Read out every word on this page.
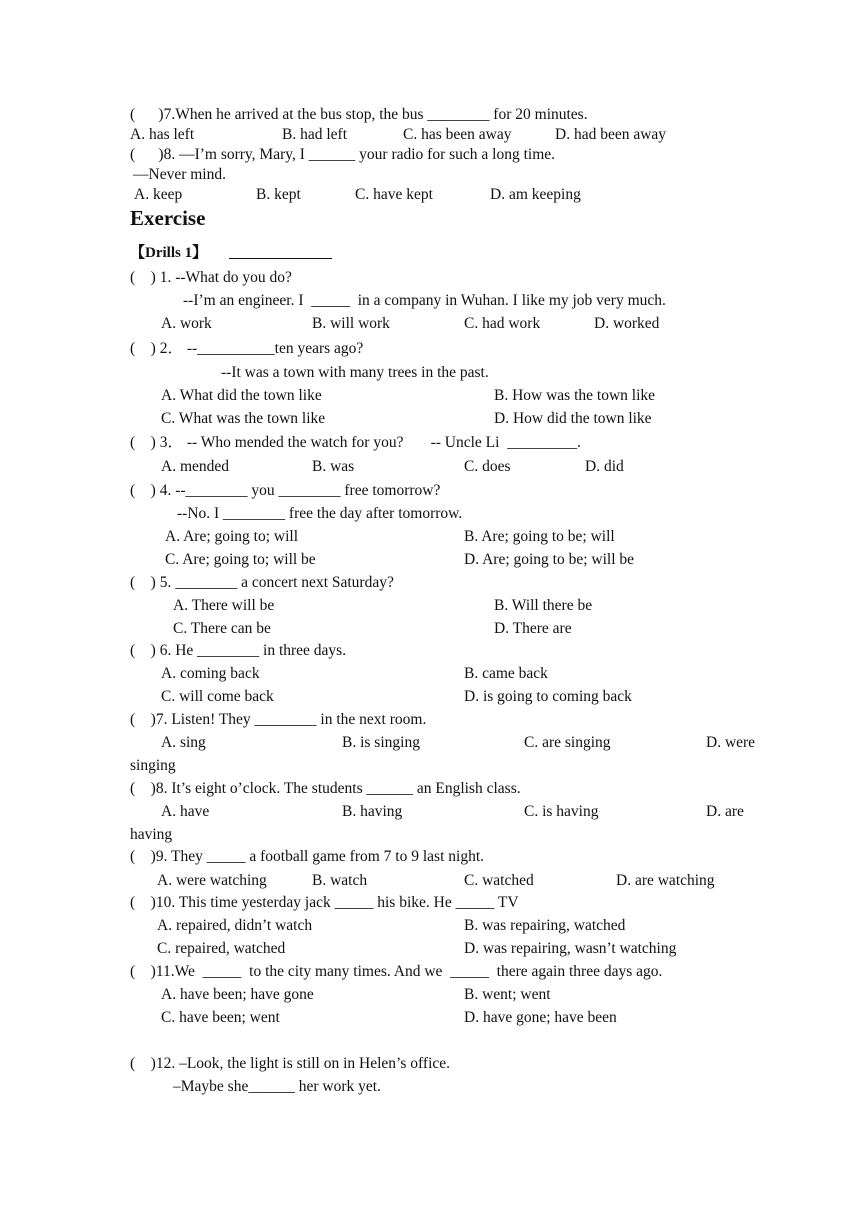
(      )7.When he arrived at the bus stop, the bus ________ for 20 minutes.
A. has left	B. had left	C. has been away	D. had been away
(      )8. —I’m sorry, Mary, I ______ your radio for such a long time.
—Never mind.
A. keep	B. kept	C. have kept	D. am keeping
Exercise
【Drills 1】
(    ) 1. --What do you do?
--I’m an engineer. I  _____  in a company in Wuhan. I like my job very much.
A. work	B. will work	C. had work	D. worked
(    ) 2． --__________ten years ago?
--It was a town with many trees in the past.
A. What did the town like	B. How was the town like
C. What was the town like	D. How did the town like
(    ) 3． -- Who mended the watch for you?       -- Uncle Li  _________.
A. mended	B. was	C. does	D. did
(    ) 4. --________ you ________ free tomorrow?
--No. I ________ free the day after tomorrow.
A. Are; going to; will	B. Are; going to be; will
C. Are; going to; will be	D. Are; going to be; will be
(    ) 5. ________ a concert next Saturday?
A. There will be	B. Will there be
C. There can be	D. There are
(    ) 6. He ________ in three days.
A. coming back	B. came back
C. will come back	D. is going to coming back
(    )7. Listen! They ________ in the next room.
A. sing	B. is singing	C. are singing	D. were
singing
(    )8. It’s eight o’clock. The students ______ an English class.
A. have	B. having	C. is having	D. are
having
(    )9. They _____ a football game from 7 to 9 last night.
A. were watching	B. watch	C. watched	D. are watching
(    )10. This time yesterday jack _____ his bike. He _____ TV
A. repaired, didn’t watch	B. was repairing, watched
C. repaired, watched	D. was repairing, wasn’t watching
(    )11.We  _____  to the city many times. And we  _____  there again three days ago.
A. have been; have gone	B. went; went
C. have been; went	D. have gone; have been
(    )12. –Look, the light is still on in Helen’s office.
–Maybe she______ her work yet.
